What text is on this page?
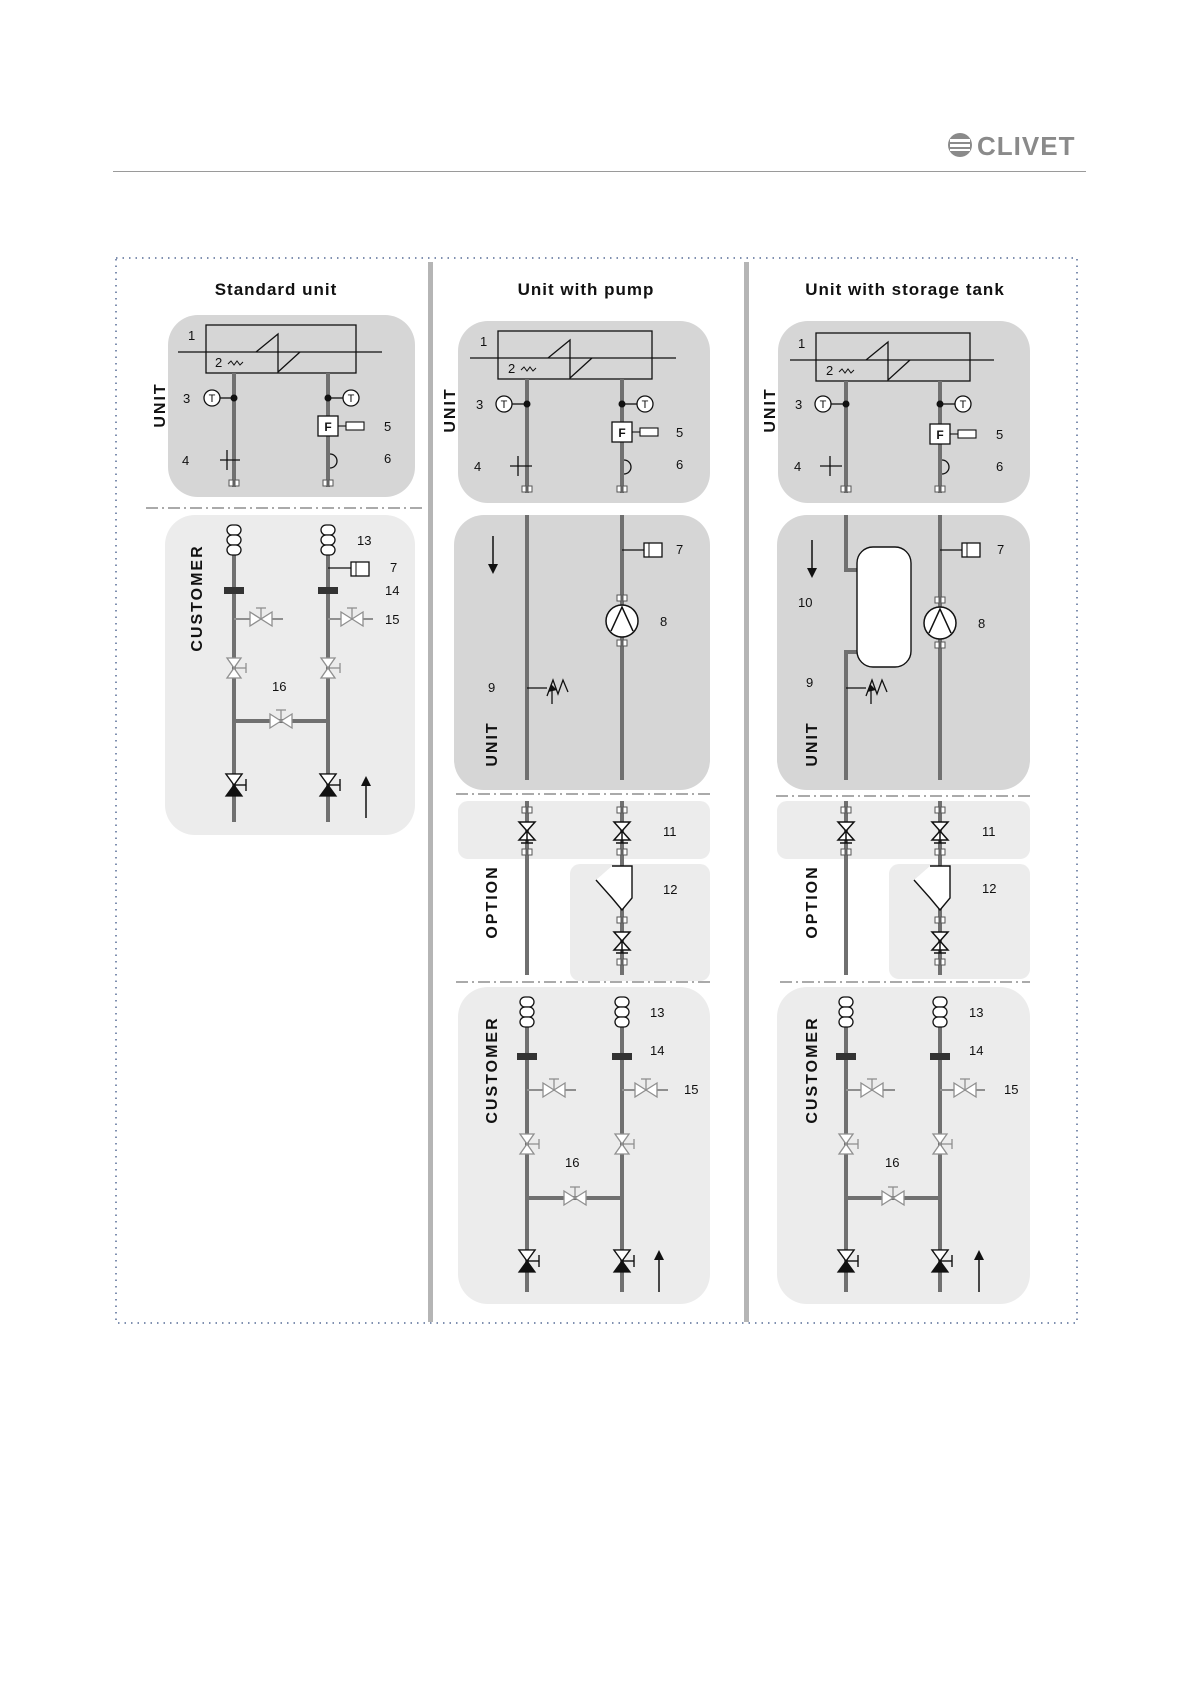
CLIVET
Standard unit
UNIT
1
2
T
3	T
4
F	5
6
CUSTOMER
13
7
14
15
16
Unit with pump
UNIT
1
2
T
3	T
4
F	5
6
UNIT
7
8
9
OPTION
11
12
CUSTOMER
13
14
15
16
Unit with storage tank
UNIT
1
2
T
3	T
4
F	5
6
UNIT
7
10
8
9
OPTION
11
12
CUSTOMER
13
14
15
16
